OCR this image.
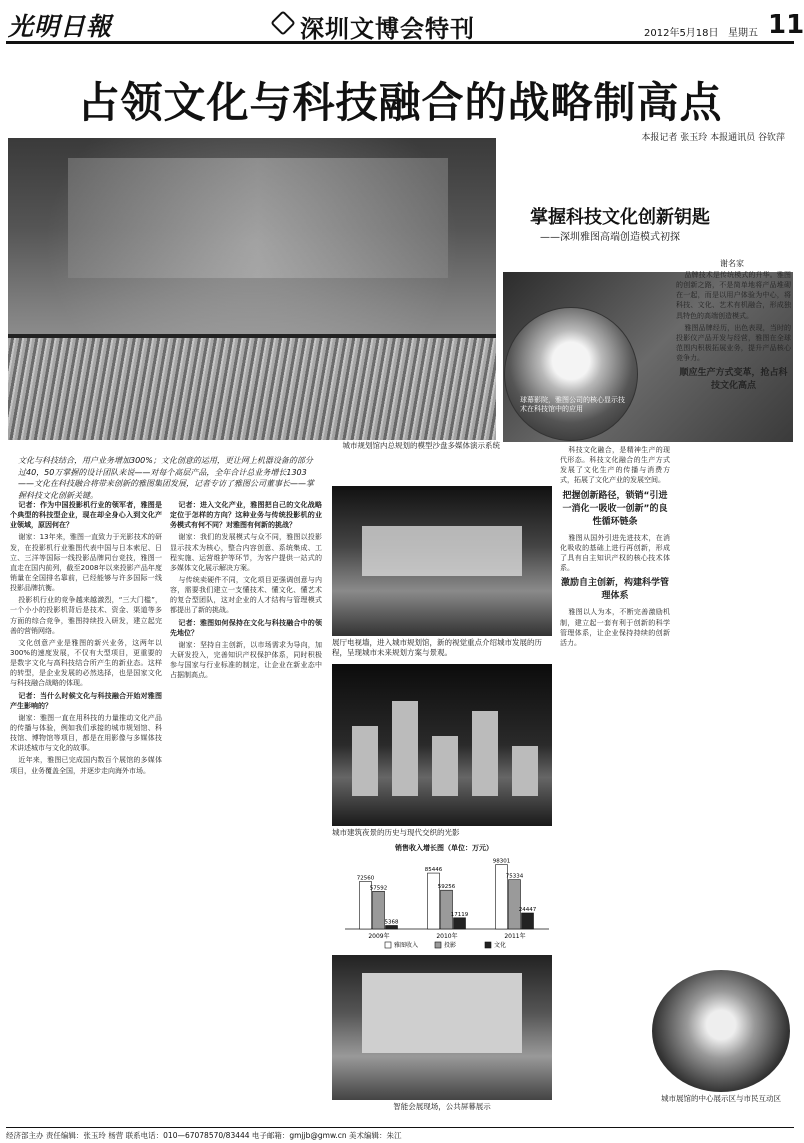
光明日報	深圳文博会特刊	2012年5月18日 星期五 11
占领文化与科技融合的战略制高点
本报记者 张玉玲 本报通讯员 谷钦萍
城市规划馆内总规划的模型沙盘多媒体演示系统
文化与科技结合，用户业务增加300%；文化创意的运用，更让网上机器设备的部分过40，50万掌握的设计团队来说——对每个高层产品，全年合计总业务增长1303——文化在科技融合将带来创新的雅图集团发展，记者专访了雅图公司董事长——掌握科技文化创新关键。
掌握科技文化创新钥匙
——深圳雅图高端创造模式初探
谢名家
球幕影院，雅图公司的核心显示技术在科技馆中的应用

记者：作为中国投影机行业的领军者，雅图是个典型的科技型企业，现在却全身心入到文化产业领域，原因何在？

谢家：13年来，雅图一直致力于光影技术的研发，在投影机行业雅图代表中国与日本索尼、日立、三洋等国际一线投影品牌同台竞技，雅图一直走在国内前列，截至2008年以来投影产品年度销量在全国排名靠前，已经能够与许多国际一线投影品牌抗衡。

投影机行业的竞争越来越激烈，“三大门槛”，一个小小的投影机背后是技术、资金、渠道等多方面的综合竞争，雅图持续投入研发，建立起完善的营销网络。

文化创意产业是雅图的新兴业务，这两年以300%的速度发展，不仅有大型项目，更重要的是数字文化与高科技结合所产生的新业态。这样的转型，是企业发展的必然选择，也是国家文化与科技融合战略的体现。

记者：当什么时候文化与科技融合开始对雅图产生影响的？

谢家：雅图一直在用科技的力量推动文化产品的传播与体验，例如我们承接的城市规划馆、科技馆、博物馆等项目，都是在用影像与多媒体技术讲述城市与文化的故事。

近年来，雅图已完成国内数百个展馆的多媒体项目，业务覆盖全国，并逐步走向海外市场。

记者：进入文化产业，雅图把自己的文化战略定位于怎样的方向？这种业务与传统投影机的业务模式有何不同？对雅图有何新的挑战？

谢家：我们的发展模式与众不同，雅图以投影显示技术为核心，整合内容创意、系统集成、工程实施、运营维护等环节，为客户提供一站式的多媒体文化展示解决方案。

与传统卖硬件不同，文化项目更强调创意与内容，需要我们建立一支懂技术、懂文化、懂艺术的复合型团队，这对企业的人才结构与管理模式都提出了新的挑战。

记者：雅图如何保持在文化与科技融合中的领先地位？

谢家：坚持自主创新，以市场需求为导向，加大研发投入，完善知识产权保护体系，同时积极参与国家与行业标准的制定，让企业在新业态中占据制高点。

展厅电视墙，进入城市规划馆，新的视觉重点介绍城市发展的历程，呈现城市未来规划方案与景观。
城市建筑夜景的历史与现代交织的光影
72560
57592
5368
2009年
85446
59256
17119
2010年
98301
75334
24447
2011年
雅图收入	投影	文化
销售收入增长图（单位：万元）
智能会展现场，公共屏幕展示

品牌技术是传统模式的升华。雅图的创新之路，不是简单地将产品堆砌在一起，而是以用户体验为中心，将科技、文化、艺术有机融合，形成独具特色的高端创造模式。

雅图品牌经历，出色表现，当时的投影仪产品开发与经营，雅图在全球范围内积极拓展业务，提升产品核心竞争力。

顺应生产方式变革，抢占科技文化高点

科技文化融合，是精神生产的现代形态。科技文化融合的生产方式发展了文化生产的传播与消费方式，拓展了文化产业的发展空间。

把握创新路径，锁销“引进一消化一吸收一创新”的良性循环链条

雅图从国外引进先进技术，在消化吸收的基础上进行再创新，形成了具有自主知识产权的核心技术体系。

激励自主创新，构建科学管理体系

雅图以人为本，不断完善激励机制，建立起一套有利于创新的科学管理体系，让企业保持持续的创新活力。

城市展馆的中心展示区与市民互动区
经济部主办 责任编辑：张玉玲 杨营 联系电话：010—67078570/83444 电子邮箱：gmjjb@gmw.cn 美术编辑：朱江
